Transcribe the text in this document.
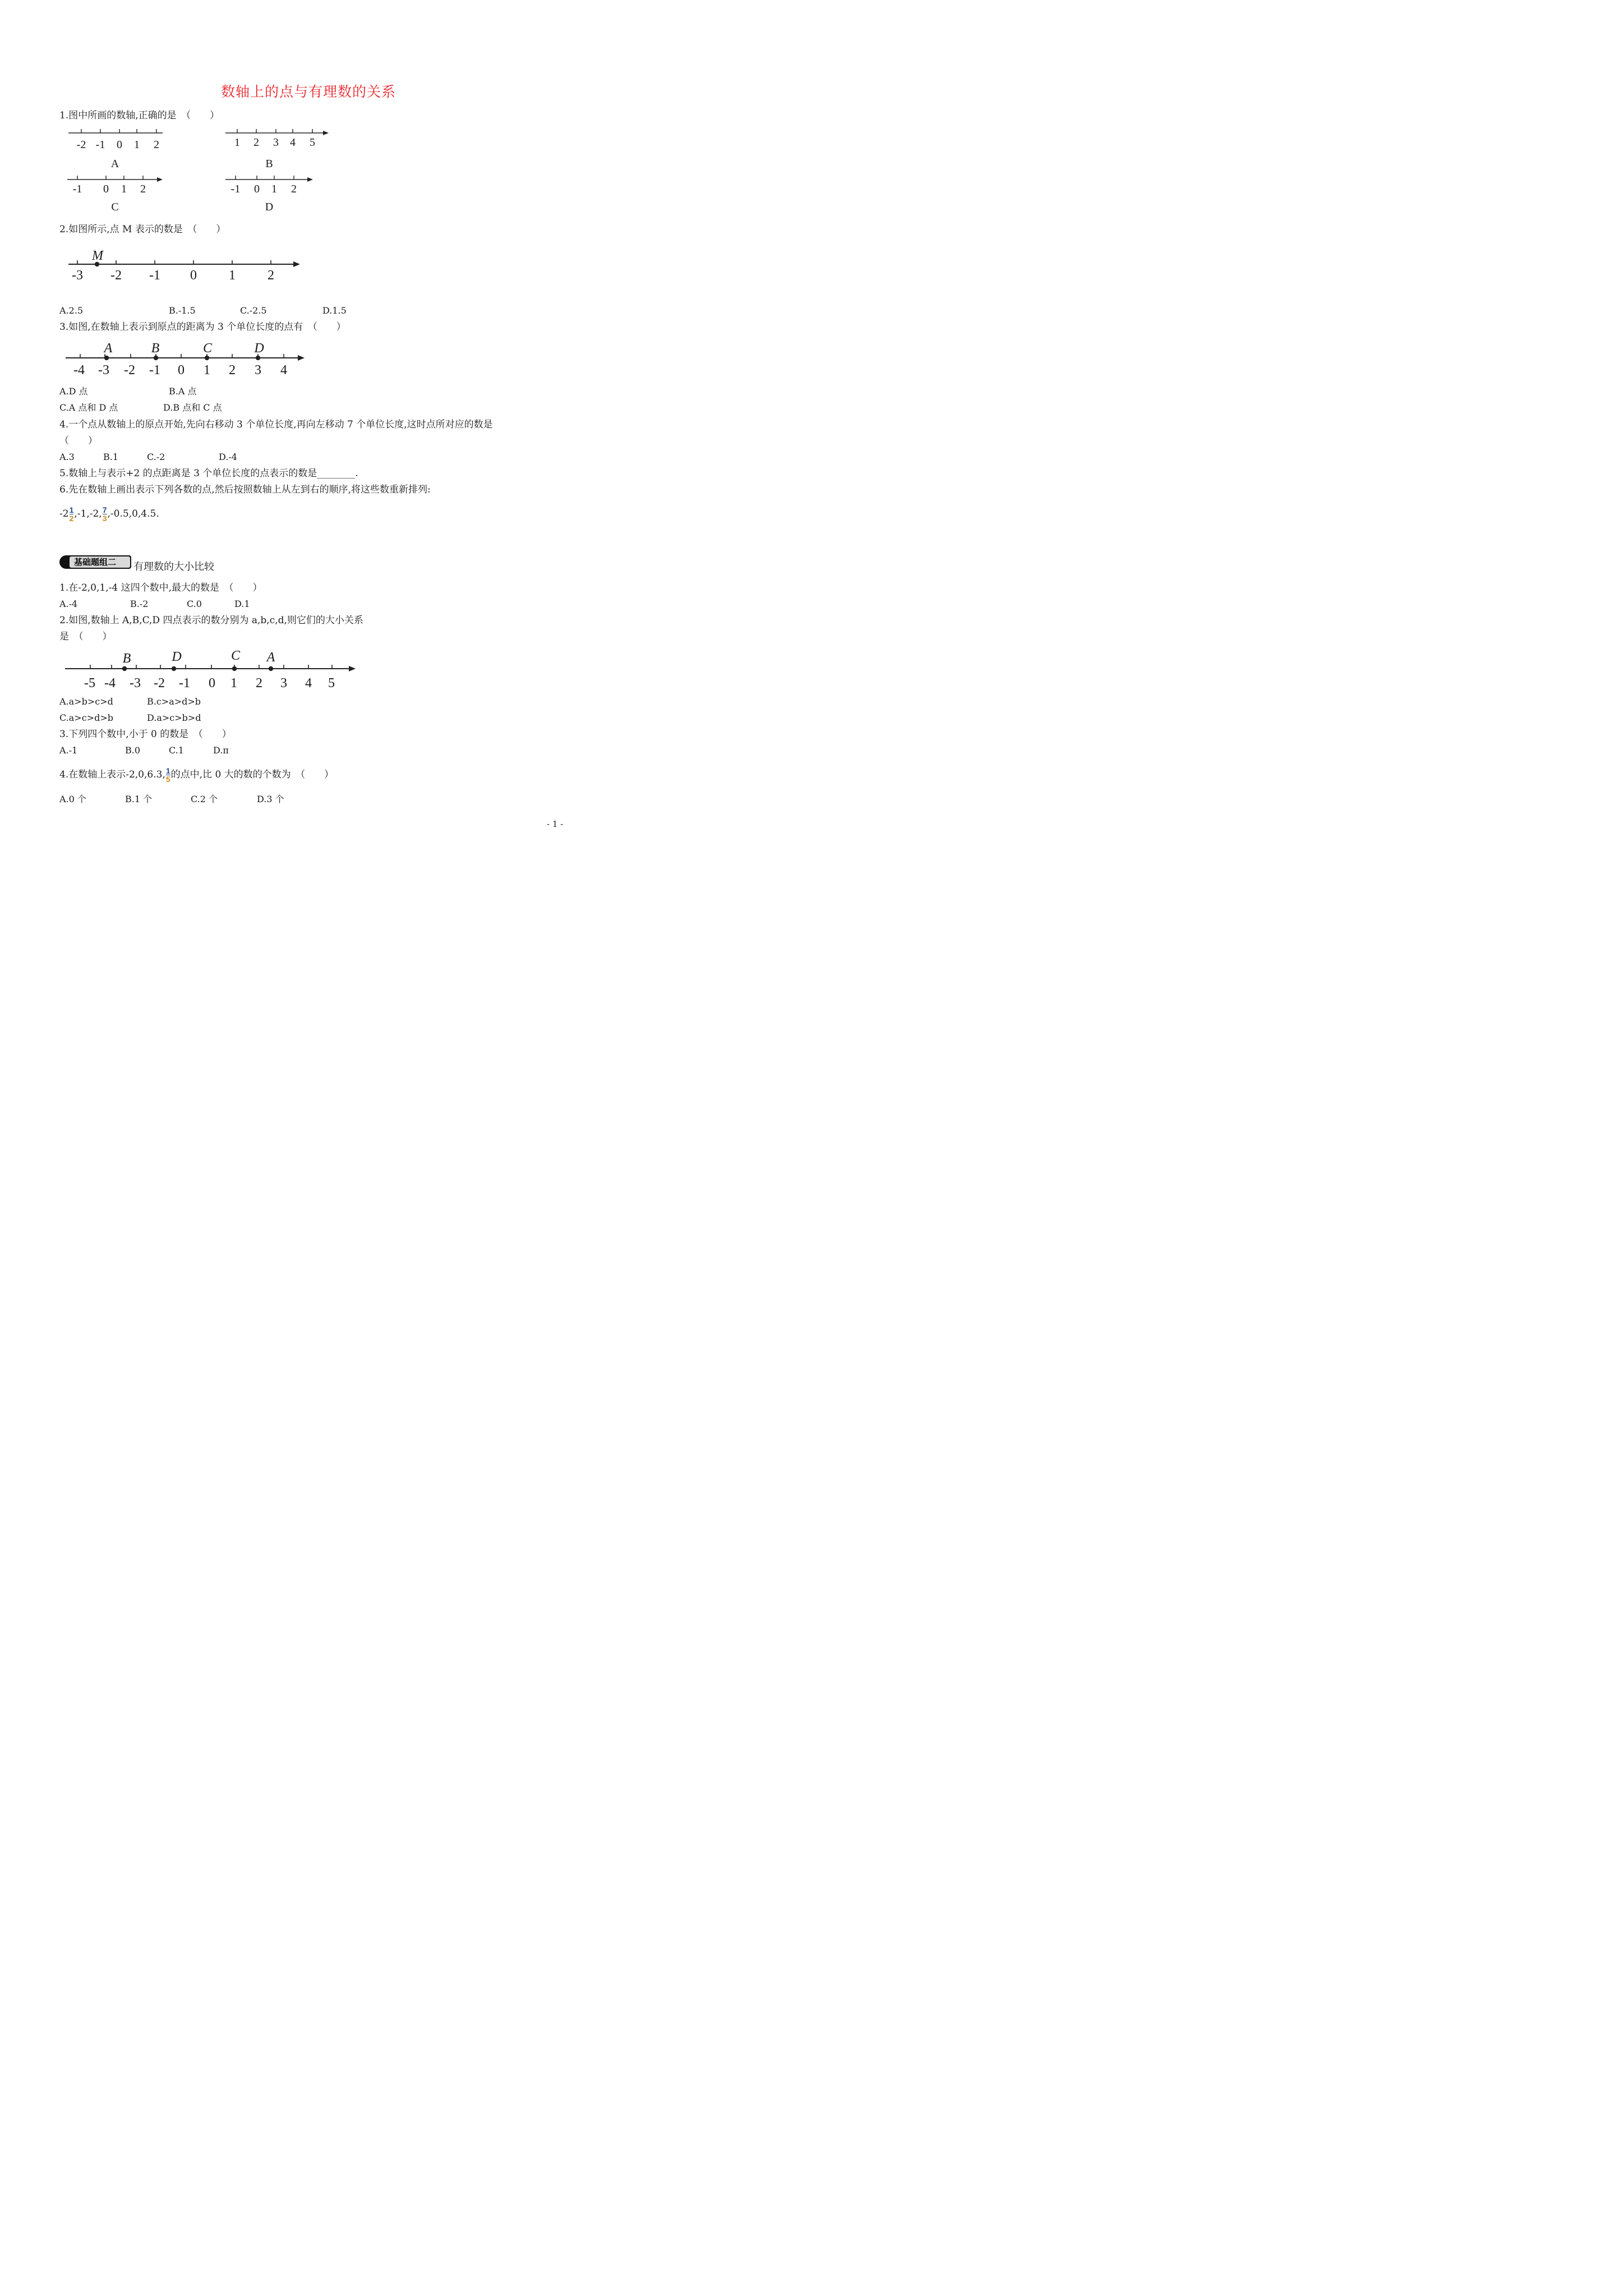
数轴上的点与有理数的关系
1.图中所画的数轴,正确的是　（　　）
-2 -1 0 1 2
A
1 2 3 4 5
B
-1 0 1 2
C
-1 0 1 2
D
M
-3 -2 -1 0 1 2
A	B	C	D
-4 -3 -2 -1 0 1 2 3 4
B	D	C A
-5 -4 -3 -2 -1 0 1 2 3 4 5
2.如图所示,点 M 表示的数是　（　　）
A.2.5	B.-1.5	C.-2.5	D.1.5
3.如图,在数轴上表示到原点的距离为 3 个单位长度的点有　（　　）
A.D 点	B.A 点
C.A 点和 D 点	D.B 点和 C 点
4.一个点从数轴上的原点开始,先向右移动 3 个单位长度,再向左移动 7 个单位长度,这时点所对应的数是
（　　）
A.3	B.1	C.-2	D.-4
5.数轴上与表示+2 的点距离是 3 个单位长度的点表示的数是________.
6.先在数轴上画出表示下列各数的点,然后按照数轴上从左到右的顺序,将这些数重新排列:
$-2 \frac{1}{2} ,-1,-2$, $\frac{7}{3} ,-0.5,0,4.5$.
基础题组二 有理数的大小比较
1.在-2,0,1,-4 这四个数中,最大的数是　（　　）
A.-4	B.-2	C.0	D.1
2.如图,数轴上 A,B,C,D 四点表示的数分别为 a,b,c,d,则它们的大小关系
是　（　　）
A.a>b>c>d	B.c>a>d>b
C.a>c>d>b	D.a>c>b>d
3.下列四个数中,小于 0 的数是　（　　）
A.-1	B.0	C.1	D.π
4.在数轴上表示-2,0,6.3, $\frac{1}{5}$ 的点中,比 0 大的数的个数为　（　　）
A.0 个	B.1 个	C.2 个	D.3 个
- 1 -
